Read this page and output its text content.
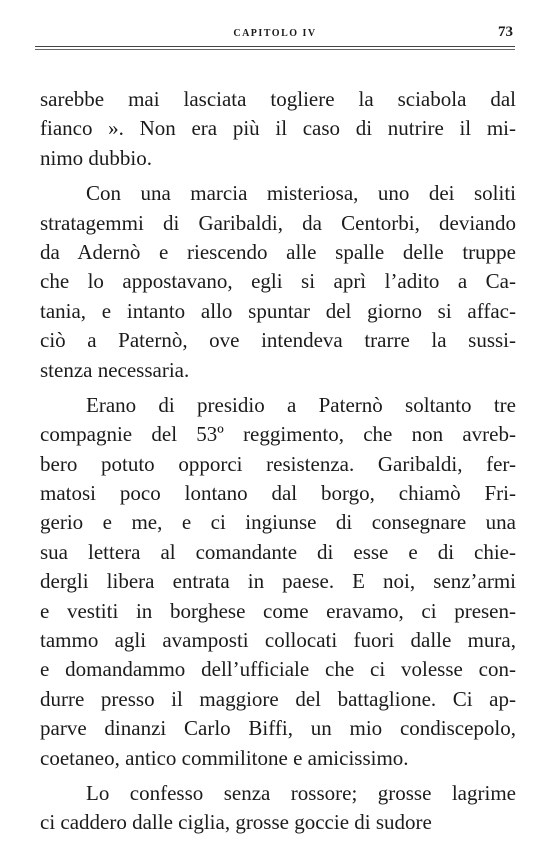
CAPITOLO IV	73
sarebbe mai lasciata togliere la sciabola dal
fianco ». Non era più il caso di nutrire il mi-
nimo dubbio.
Con una marcia misteriosa, uno dei soliti
stratagemmi di Garibaldi, da Centorbi, deviando
da Adernò e riescendo alle spalle delle truppe
che lo appostavano, egli si aprì l’adito a Ca-
tania, e intanto allo spuntar del giorno si affac-
ciò a Paternò, ove intendeva trarre la sussi-
stenza necessaria.
Erano di presidio a Paternò soltanto tre
compagnie del 53º reggimento, che non avreb-
bero potuto opporci resistenza. Garibaldi, fer-
matosi poco lontano dal borgo, chiamò Fri-
gerio e me, e ci ingiunse di consegnare una
sua lettera al comandante di esse e di chie-
dergli libera entrata in paese. E noi, senz’armi
e vestiti in borghese come eravamo, ci presen-
tammo agli avamposti collocati fuori dalle mura,
e domandammo dell’ufficiale che ci volesse con-
durre presso il maggiore del battaglione. Ci ap-
parve dinanzi Carlo Biffi, un mio condiscepolo,
coetaneo, antico commilitone e amicissimo.
Lo confesso senza rossore; grosse lagrime
ci caddero dalle ciglia, grosse goccie di sudore
